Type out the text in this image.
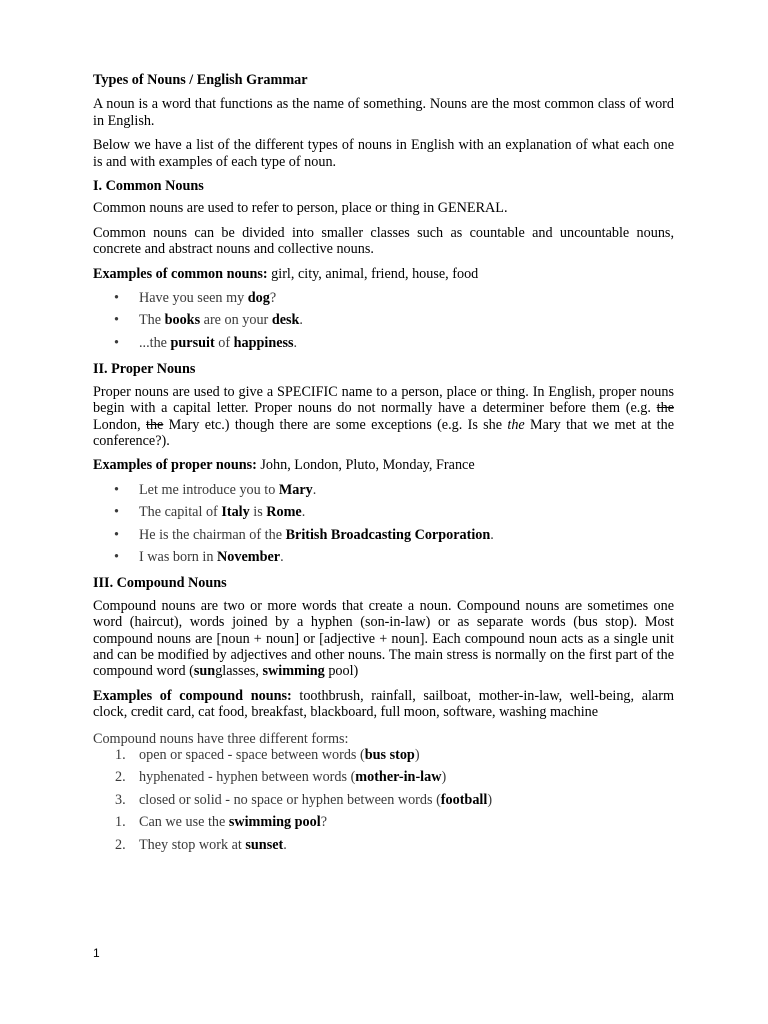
Types of Nouns / English Grammar
A noun is a word that functions as the name of something. Nouns are the most common class of word in English.
Below we have a list of the different types of nouns in English with an explanation of what each one is and with examples of each type of noun.
I. Common Nouns
Common nouns are used to refer to person, place or thing in GENERAL.
Common nouns can be divided into smaller classes such as countable and uncountable nouns, concrete and abstract nouns and collective nouns.
Examples of common nouns: girl, city, animal, friend, house, food
• Have you seen my dog?
• The books are on your desk.
• ...the pursuit of happiness.
II. Proper Nouns
Proper nouns are used to give a SPECIFIC name to a person, place or thing. In English, proper nouns begin with a capital letter. Proper nouns do not normally have a determiner before them (e.g. the London, the Mary etc.) though there are some exceptions (e.g. Is she the Mary that we met at the conference?).
Examples of proper nouns: John, London, Pluto, Monday, France
• Let me introduce you to Mary.
• The capital of Italy is Rome.
• He is the chairman of the British Broadcasting Corporation.
• I was born in November.
III. Compound Nouns
Compound nouns are two or more words that create a noun. Compound nouns are sometimes one word (haircut), words joined by a hyphen (son-in-law) or as separate words (bus stop). Most compound nouns are [noun + noun] or [adjective + noun]. Each compound noun acts as a single unit and can be modified by adjectives and other nouns. The main stress is normally on the first part of the compound word (sunglasses, swimming pool)
Examples of compound nouns: toothbrush, rainfall, sailboat, mother-in-law, well-being, alarm clock, credit card, cat food, breakfast, blackboard, full moon, software, washing machine
Compound nouns have three different forms:
1. open or spaced - space between words (bus stop)
2. hyphenated - hyphen between words (mother-in-law)
3. closed or solid - no space or hyphen between words (football)
1. Can we use the swimming pool?
2. They stop work at sunset.
1
